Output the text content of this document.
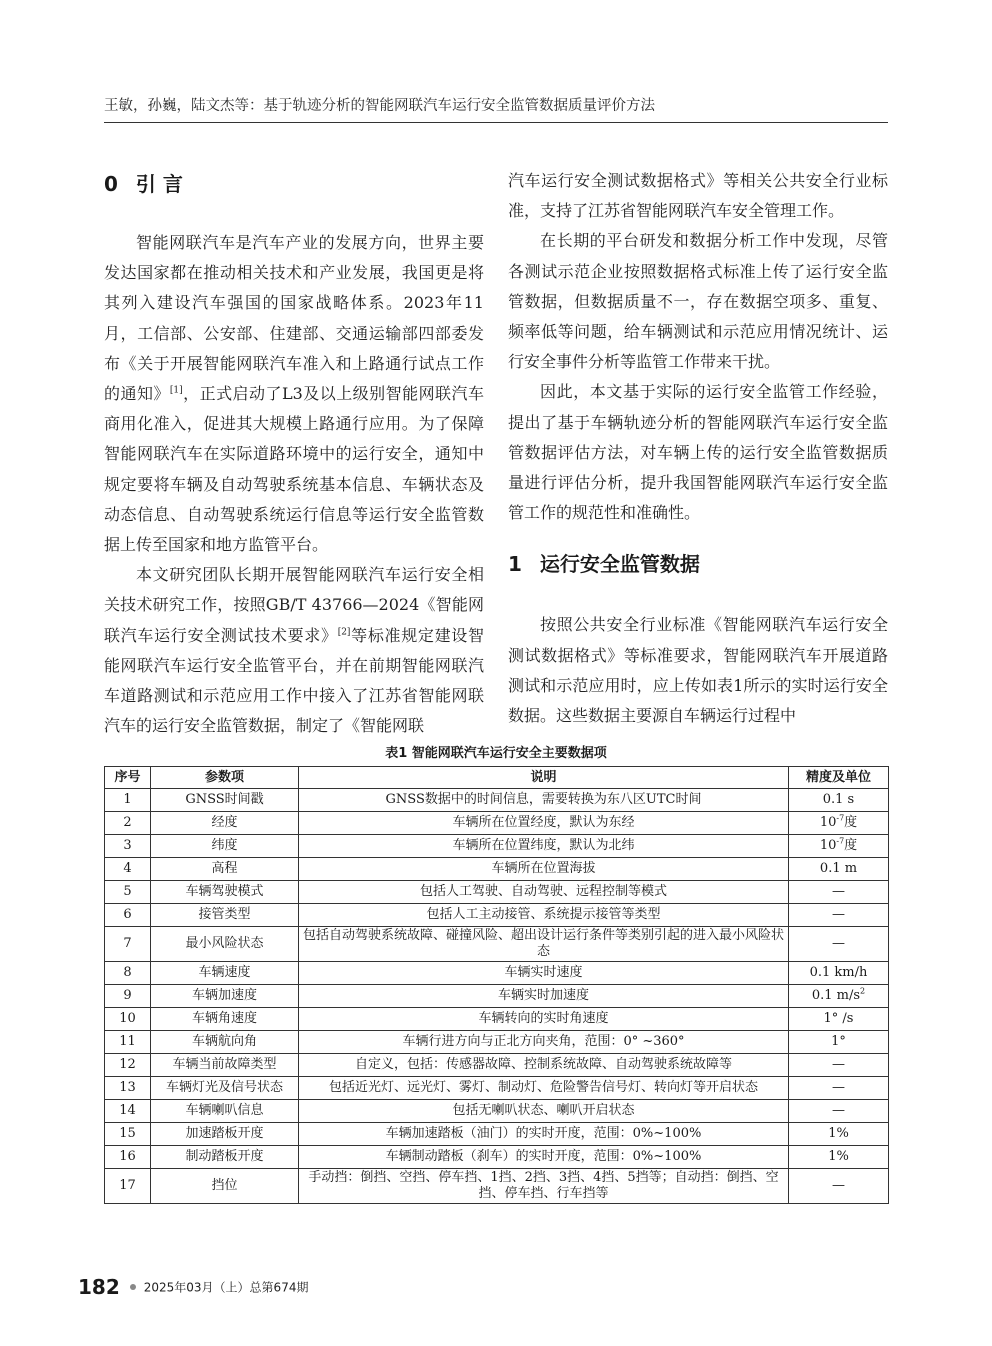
王敏，孙巍，陆文杰等：基于轨迹分析的智能网联汽车运行安全监管数据质量评价方法
0 引 言

智能网联汽车是汽车产业的发展方向，世界主要发达国家都在推动相关技术和产业发展，我国更是将其列入建设汽车强国的国家战略体系。2023年11月，工信部、公安部、住建部、交通运输部四部委发布《关于开展智能网联汽车准入和上路通行试点工作的通知》[1]，正式启动了L3及以上级别智能网联汽车商用化准入，促进其大规模上路通行应用。为了保障智能网联汽车在实际道路环境中的运行安全，通知中规定要将车辆及自动驾驶系统基本信息、车辆状态及动态信息、自动驾驶系统运行信息等运行安全监管数据上传至国家和地方监管平台。

本文研究团队长期开展智能网联汽车运行安全相关技术研究工作，按照GB/T 43766—2024《智能网联汽车运行安全测试技术要求》[2]等标准规定建设智能网联汽车运行安全监管平台，并在前期智能网联汽车道路测试和示范应用工作中接入了江苏省智能网联汽车的运行安全监管数据，制定了《智能网联

汽车运行安全测试数据格式》等相关公共安全行业标准，支持了江苏省智能网联汽车安全管理工作。

在长期的平台研发和数据分析工作中发现，尽管各测试示范企业按照数据格式标准上传了运行安全监管数据，但数据质量不一，存在数据空项多、重复、频率低等问题，给车辆测试和示范应用情况统计、运行安全事件分析等监管工作带来干扰。

因此，本文基于实际的运行安全监管工作经验，提出了基于车辆轨迹分析的智能网联汽车运行安全监管数据评估方法，对车辆上传的运行安全监管数据质量进行评估分析，提升我国智能网联汽车运行安全监管工作的规范性和准确性。

1 运行安全监管数据

按照公共安全行业标准《智能网联汽车运行安全测试数据格式》等标准要求，智能网联汽车开展道路测试和示范应用时，应上传如表1所示的实时运行安全数据。这些数据主要源自车辆运行过程中

表1 智能网联汽车运行安全主要数据项
序号	参数项	说明	精度及单位
1	GNSS时间戳	GNSS数据中的时间信息，需要转换为东八区UTC时间	0.1 s
2	经度	车辆所在位置经度，默认为东经	$10^{-7}$度
3	纬度	车辆所在位置纬度，默认为北纬	$10^{-7}$度
4	高程	车辆所在位置海拔	0.1 m
5	车辆驾驶模式	包括人工驾驶、自动驾驶、远程控制等模式	—
6	接管类型	包括人工主动接管、系统提示接管等类型	—
7	最小风险状态	包括自动驾驶系统故障、碰撞风险、超出设计运行条件等类别引起的进入最小风险状态	—
8	车辆速度	车辆实时速度	0.1 km/h
9	车辆加速度	车辆实时加速度	0.1 $m/s^2$
10	车辆角速度	车辆转向的实时角速度	1° /s
11	车辆航向角	车辆行进方向与正北方向夹角，范围：0° ~360°	1°
12	车辆当前故障类型	自定义，包括：传感器故障、控制系统故障、自动驾驶系统故障等	—
13	车辆灯光及信号状态	包括近光灯、远光灯、雾灯、制动灯、危险警告信号灯、转向灯等开启状态	—
14	车辆喇叭信息	包括无喇叭状态、喇叭开启状态	—
15	加速踏板开度	车辆加速踏板（油门）的实时开度，范围：0%~100%	1%
16	制动踏板开度	车辆制动踏板（刹车）的实时开度，范围：0%~100%	1%
17	挡位	手动挡：倒挡、空挡、停车挡、1挡、2挡、3挡、4挡、5挡等；自动挡：倒挡、空挡、停车挡、行车挡等	—
182 2025年03月（上）总第674期
